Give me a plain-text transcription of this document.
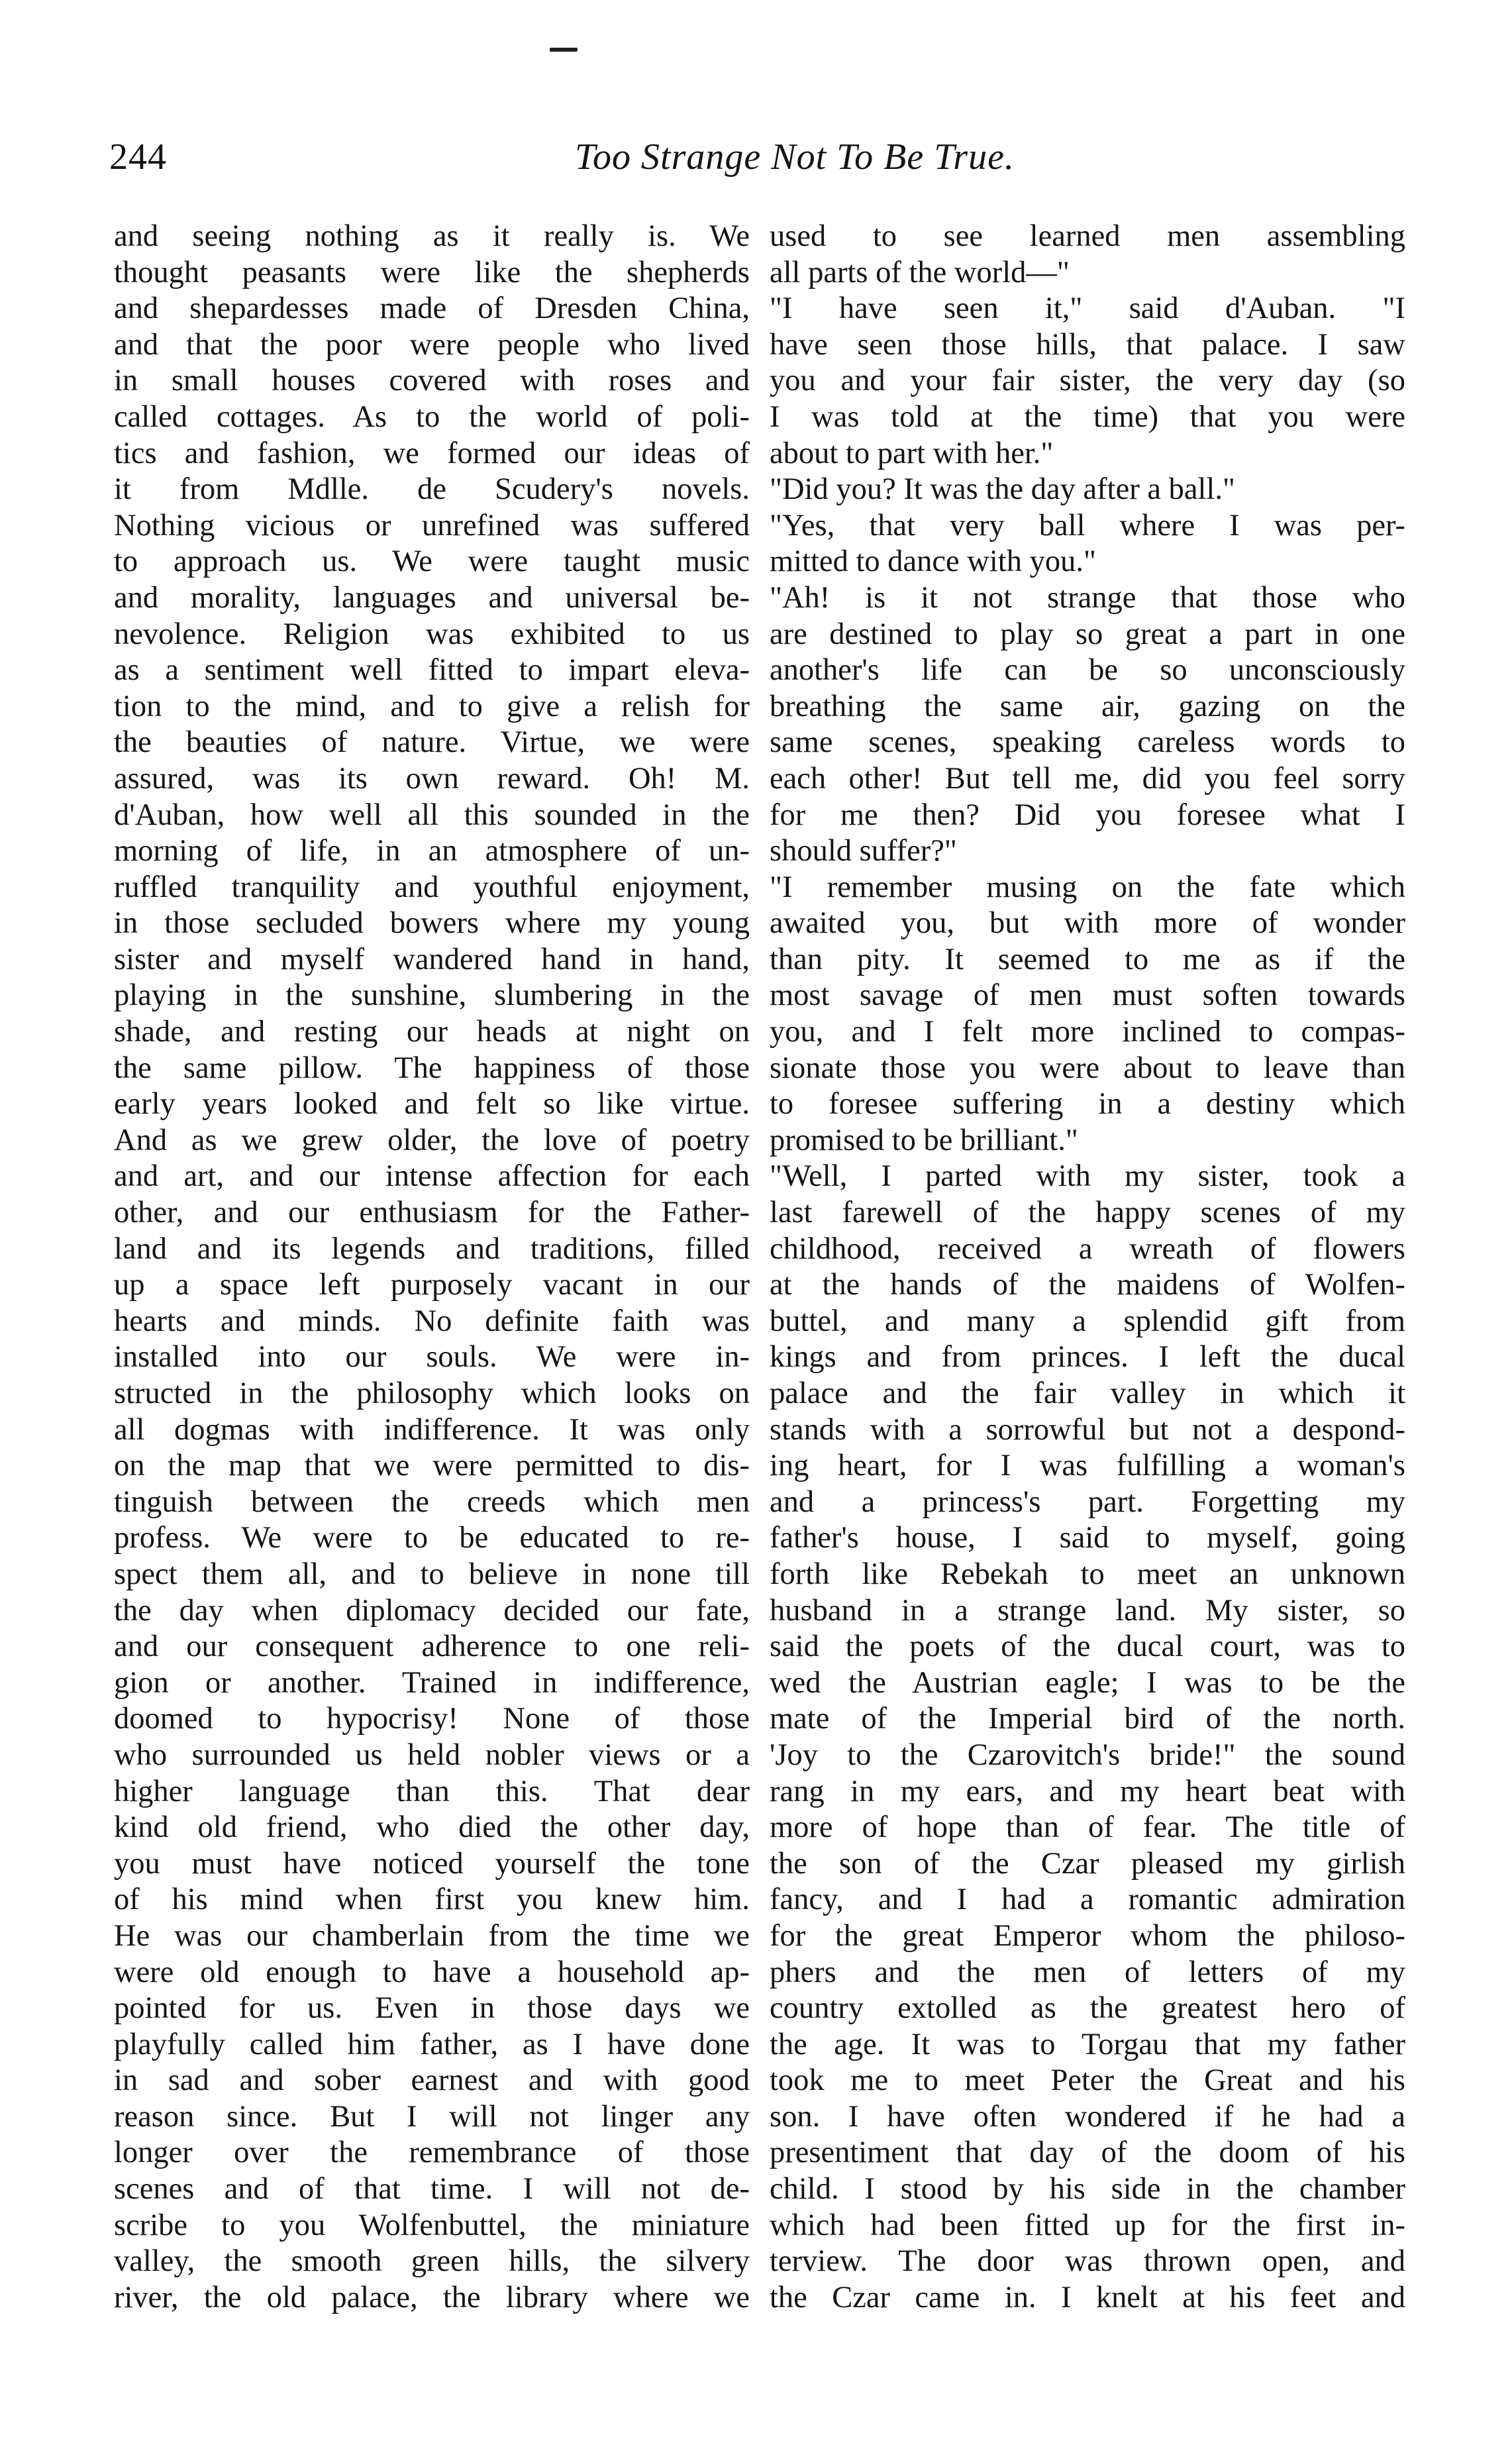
244	Too Strange Not To Be True.
and seeing nothing as it really is. We
thought peasants were like the shepherds
and shepardesses made of Dresden China,
and that the poor were people who lived
in small houses covered with roses and
called cottages. As to the world of poli-
tics and fashion, we formed our ideas of
it from Mdlle. de Scudery's novels.
Nothing vicious or unrefined was suffered
to approach us. We were taught music
and morality, languages and universal be-
nevolence. Religion was exhibited to us
as a sentiment well fitted to impart eleva-
tion to the mind, and to give a relish for
the beauties of nature. Virtue, we were
assured, was its own reward. Oh! M.
d'Auban, how well all this sounded in the
morning of life, in an atmosphere of un-
ruffled tranquility and youthful enjoyment,
in those secluded bowers where my young
sister and myself wandered hand in hand,
playing in the sunshine, slumbering in the
shade, and resting our heads at night on
the same pillow. The happiness of those
early years looked and felt so like virtue.
And as we grew older, the love of poetry
and art, and our intense affection for each
other, and our enthusiasm for the Father-
land and its legends and traditions, filled
up a space left purposely vacant in our
hearts and minds. No definite faith was
installed into our souls. We were in-
structed in the philosophy which looks on
all dogmas with indifference. It was only
on the map that we were permitted to dis-
tinguish between the creeds which men
profess. We were to be educated to re-
spect them all, and to believe in none till
the day when diplomacy decided our fate,
and our consequent adherence to one reli-
gion or another. Trained in indifference,
doomed to hypocrisy! None of those
who surrounded us held nobler views or a
higher language than this. That dear
kind old friend, who died the other day,
you must have noticed yourself the tone
of his mind when first you knew him.
He was our chamberlain from the time we
were old enough to have a household ap-
pointed for us. Even in those days we
playfully called him father, as I have done
in sad and sober earnest and with good
reason since. But I will not linger any
longer over the remembrance of those
scenes and of that time. I will not de-
scribe to you Wolfenbuttel, the miniature
valley, the smooth green hills, the silvery
river, the old palace, the library where we
used to see learned men assembling
all parts of the world—"
"I have seen it," said d'Auban. "I
have seen those hills, that palace. I saw
you and your fair sister, the very day (so
I was told at the time) that you were
about to part with her."
"Did you? It was the day after a ball."
"Yes, that very ball where I was per-
mitted to dance with you."
"Ah! is it not strange that those who
are destined to play so great a part in one
another's life can be so unconsciously
breathing the same air, gazing on the
same scenes, speaking careless words to
each other! But tell me, did you feel sorry
for me then? Did you foresee what I
should suffer?"
"I remember musing on the fate which
awaited you, but with more of wonder
than pity. It seemed to me as if the
most savage of men must soften towards
you, and I felt more inclined to compas-
sionate those you were about to leave than
to foresee suffering in a destiny which
promised to be brilliant."
"Well, I parted with my sister, took a
last farewell of the happy scenes of my
childhood, received a wreath of flowers
at the hands of the maidens of Wolfen-
buttel, and many a splendid gift from
kings and from princes. I left the ducal
palace and the fair valley in which it
stands with a sorrowful but not a despond-
ing heart, for I was fulfilling a woman's
and a princess's part. Forgetting my
father's house, I said to myself, going
forth like Rebekah to meet an unknown
husband in a strange land. My sister, so
said the poets of the ducal court, was to
wed the Austrian eagle; I was to be the
mate of the Imperial bird of the north.
'Joy to the Czarovitch's bride!" the sound
rang in my ears, and my heart beat with
more of hope than of fear. The title of
the son of the Czar pleased my girlish
fancy, and I had a romantic admiration
for the great Emperor whom the philoso-
phers and the men of letters of my
country extolled as the greatest hero of
the age. It was to Torgau that my father
took me to meet Peter the Great and his
son. I have often wondered if he had a
presentiment that day of the doom of his
child. I stood by his side in the chamber
which had been fitted up for the first in-
terview. The door was thrown open, and
the Czar came in. I knelt at his feet and
